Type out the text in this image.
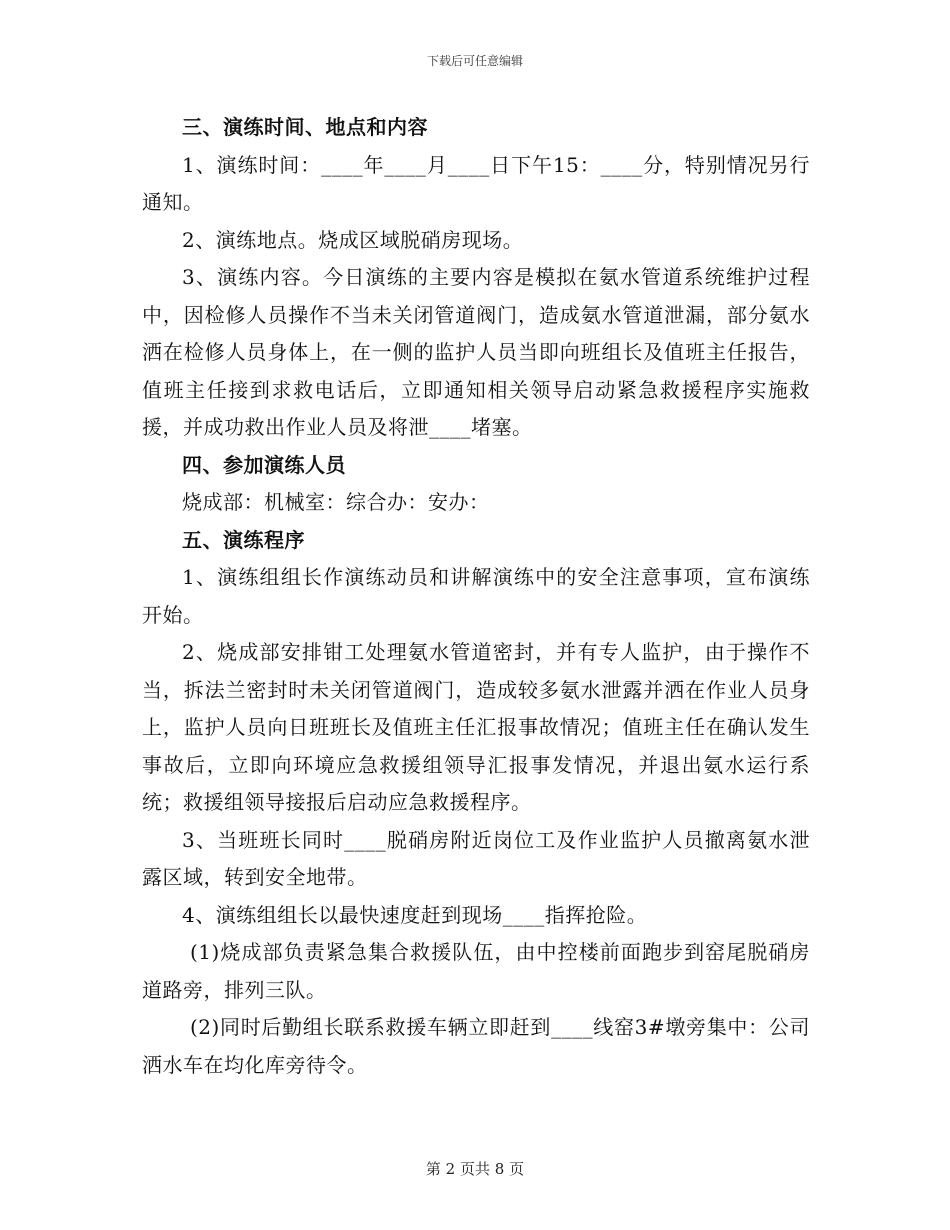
下载后可任意编辑

三、演练时间、地点和内容

1、演练时间：____年____月____日下午15：____分，特别情况另行通知。

2、演练地点。烧成区域脱硝房现场。

3、演练内容。今日演练的主要内容是模拟在氨水管道系统维护过程中，因检修人员操作不当未关闭管道阀门，造成氨水管道泄漏，部分氨水洒在检修人员身体上，在一侧的监护人员当即向班组长及值班主任报告，值班主任接到求救电话后，立即通知相关领导启动紧急救援程序实施救援，并成功救出作业人员及将泄____堵塞。

四、参加演练人员

烧成部：机械室：综合办：安办：

五、演练程序

1、演练组组长作演练动员和讲解演练中的安全注意事项，宣布演练开始。

2、烧成部安排钳工处理氨水管道密封，并有专人监护，由于操作不当，拆法兰密封时未关闭管道阀门，造成较多氨水泄露并洒在作业人员身上，监护人员向日班班长及值班主任汇报事故情况；值班主任在确认发生事故后，立即向环境应急救援组领导汇报事发情况，并退出氨水运行系统；救援组领导接报后启动应急救援程序。

3、当班班长同时____脱硝房附近岗位工及作业监护人员撤离氨水泄露区域，转到安全地带。

4、演练组组长以最快速度赶到现场____指挥抢险。

(1)烧成部负责紧急集合救援队伍，由中控楼前面跑步到窑尾脱硝房道路旁，排列三队。

(2)同时后勤组长联系救援车辆立即赶到____线窑3#墩旁集中：公司洒水车在均化库旁待令。

第 2 页共 8 页
